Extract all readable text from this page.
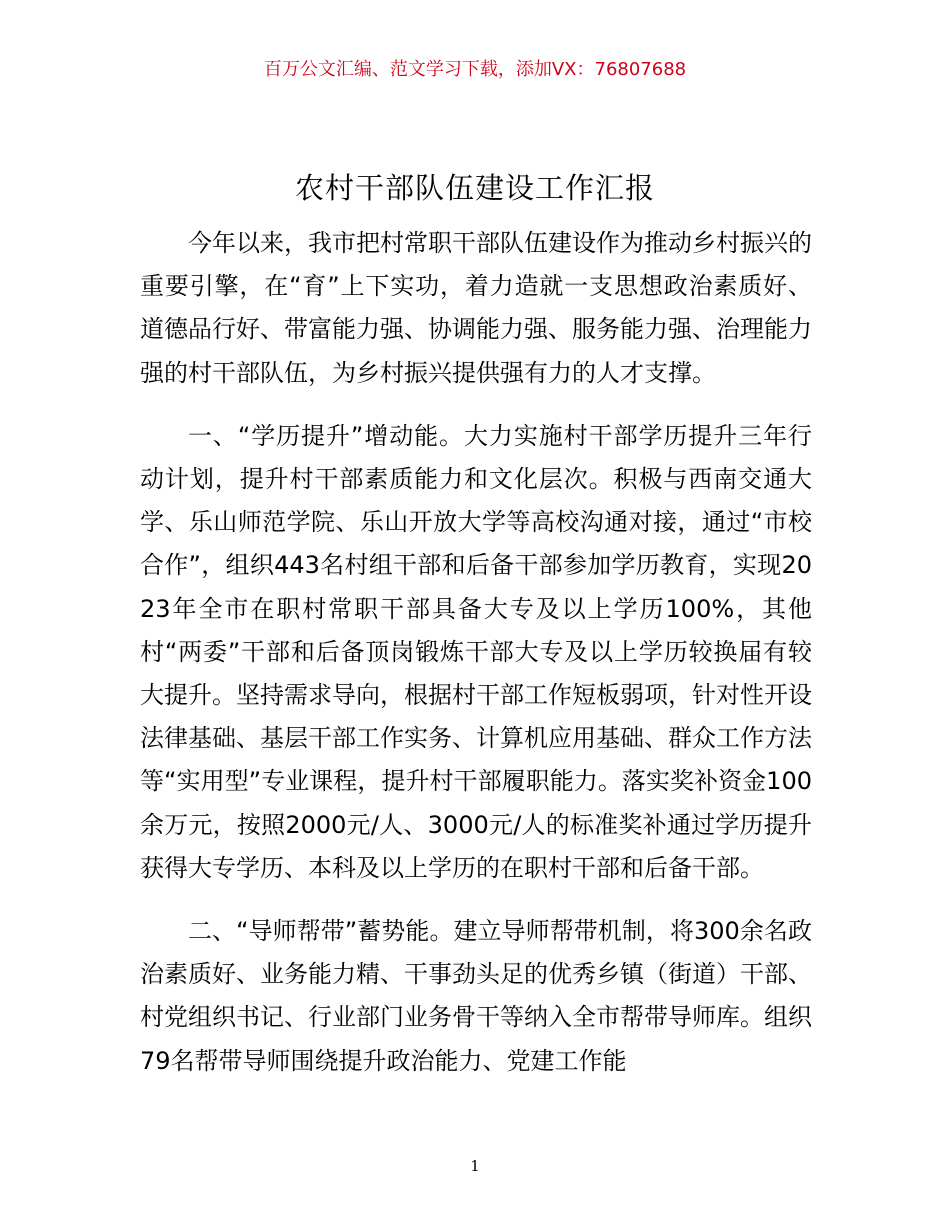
百万公文汇编、范文学习下载，添加VX：76807688
农村干部队伍建设工作汇报

今年以来，我市把村常职干部队伍建设作为推动乡村振兴的重要引擎，在“育”上下实功，着力造就一支思想政治素质好、道德品行好、带富能力强、协调能力强、服务能力强、治理能力强的村干部队伍，为乡村振兴提供强有力的人才支撑。

一、“学历提升”增动能。大力实施村干部学历提升三年行动计划，提升村干部素质能力和文化层次。积极与西南交通大学、乐山师范学院、乐山开放大学等高校沟通对接，通过“市校合作”，组织443名村组干部和后备干部参加学历教育，实现2023年全市在职村常职干部具备大专及以上学历100%，其他村“两委”干部和后备顶岗锻炼干部大专及以上学历较换届有较大提升。坚持需求导向，根据村干部工作短板弱项，针对性开设法律基础、基层干部工作实务、计算机应用基础、群众工作方法等“实用型”专业课程，提升村干部履职能力。落实奖补资金100余万元，按照2000元/人、3000元/人的标准奖补通过学历提升获得大专学历、本科及以上学历的在职村干部和后备干部。

二、“导师帮带”蓄势能。建立导师帮带机制，将300余名政治素质好、业务能力精、干事劲头足的优秀乡镇（街道）干部、村党组织书记、行业部门业务骨干等纳入全市帮带导师库。组织79名帮带导师围绕提升政治能力、党建工作能

1
